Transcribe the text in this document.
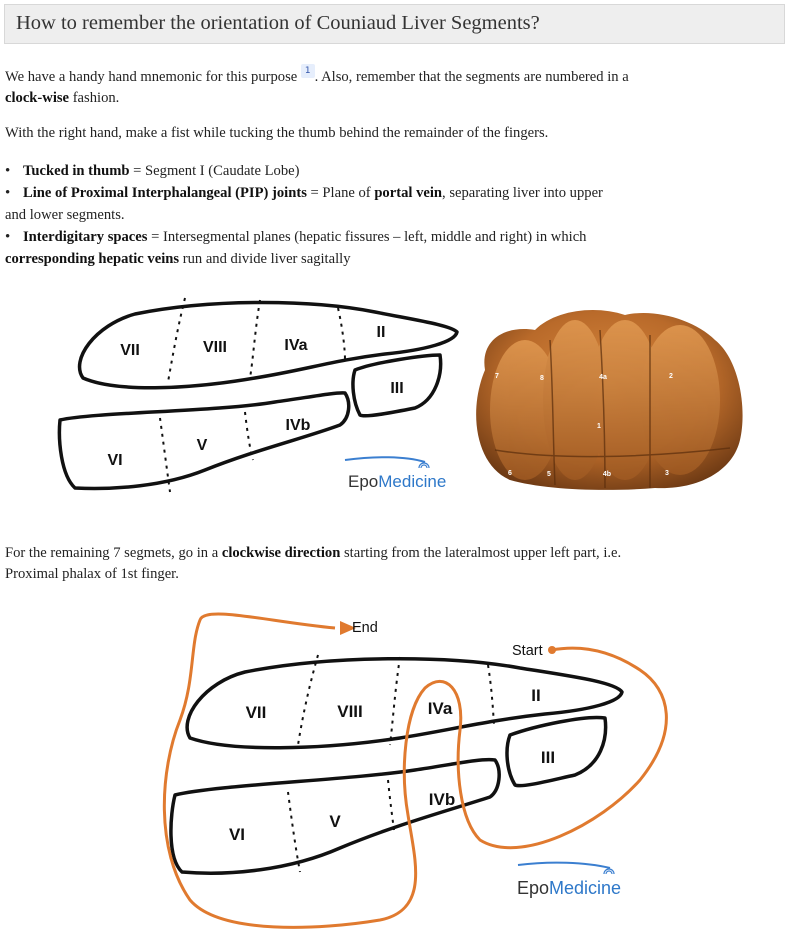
How to remember the orientation of Couniaud Liver Segments?

We have a handy hand mnemonic for this purpose $^1$ . Also, remember that the segments are numbered in a
clock-wise fashion.

With the right hand, make a fist while tucking the thumb behind the remainder of the fingers.

• Tucked in thumb = Segment I (Caudate Lobe)
• Line of Proximal Interphalangeal (PIP) joints = Plane of portal vein, separating liver into upper
and lower segments.
• Interdigitary spaces = Intersegmental planes (hepatic fissures – left, middle and right) in which
corresponding hepatic veins run and divide liver sagitally
VII	VIII	IVa
II
III
IVb
VI
V
EpoMedicine
7	8	4a	2
1
6	5	4b	3

For the remaining 7 segmets, go in a clockwise direction starting from the lateralmost upper left part, i.e.
Proximal phalax of 1st finger.

End
Start
VII	VIII	IVa
II
III
IVb
VI
V
EpoMedicine
